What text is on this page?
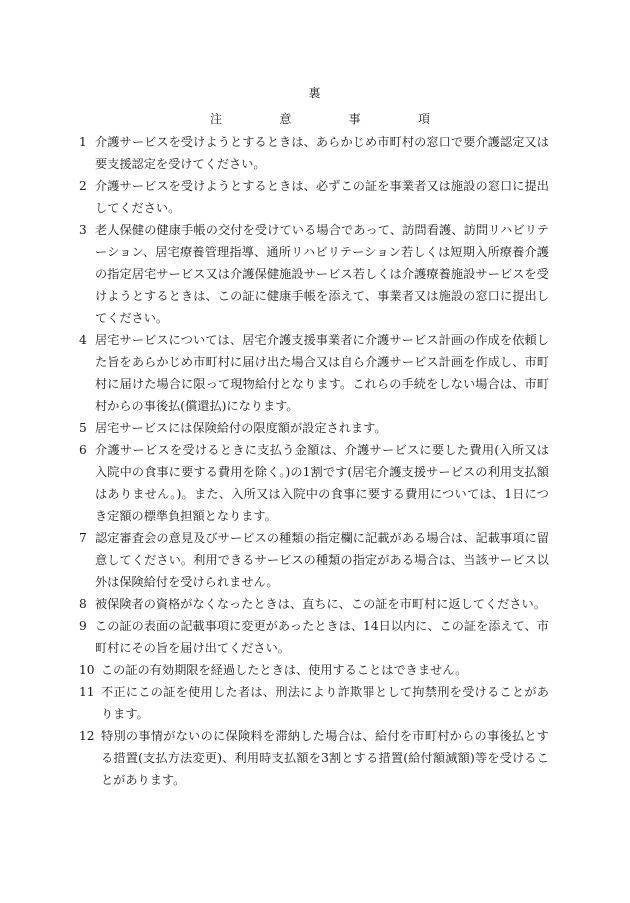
裏
注	意	事	項
1 介護サービスを受けようとするときは、あらかじめ市町村の窓口で要介護認定又は要支援認定を受けてください。
2 介護サービスを受けようとするときは、必ずこの証を事業者又は施設の窓口に提出してください。
3 老人保健の健康手帳の交付を受けている場合であって、訪問看護、訪問リハビリテーション、居宅療養管理指導、通所リハビリテーション若しくは短期入所療養介護の指定居宅サービス又は介護保健施設サービス若しくは介護療養施設サービスを受けようとするときは、この証に健康手帳を添えて、事業者又は施設の窓口に提出してください。
4 居宅サービスについては、居宅介護支援事業者に介護サービス計画の作成を依頼した旨をあらかじめ市町村に届け出た場合又は自ら介護サービス計画を作成し、市町村に届けた場合に限って現物給付となります。これらの手続をしない場合は、市町村からの事後払(償還払)になります。
5 居宅サービスには保険給付の限度額が設定されます。
6 介護サービスを受けるときに支払う金額は、介護サービスに要した費用(入所又は入院中の食事に要する費用を除く。)の1割です(居宅介護支援サービスの利用支払額はありません。)。また、入所又は入院中の食事に要する費用については、1日につき定額の標準負担額となります。
7 認定審査会の意見及びサービスの種類の指定欄に記載がある場合は、記載事項に留意してください。利用できるサービスの種類の指定がある場合は、当該サービス以外は保険給付を受けられません。
8 被保険者の資格がなくなったときは、直ちに、この証を市町村に返してください。
9 この証の表面の記載事項に変更があったときは、14日以内に、この証を添えて、市町村にその旨を届け出てください。
10 この証の有効期限を経過したときは、使用することはできません。
11 不正にこの証を使用した者は、刑法により詐欺罪として拘禁刑を受けることがあります。
12 特別の事情がないのに保険料を滞納した場合は、給付を市町村からの事後払とする措置(支払方法変更)、利用時支払額を3割とする措置(給付額減額)等を受けることがあります。
